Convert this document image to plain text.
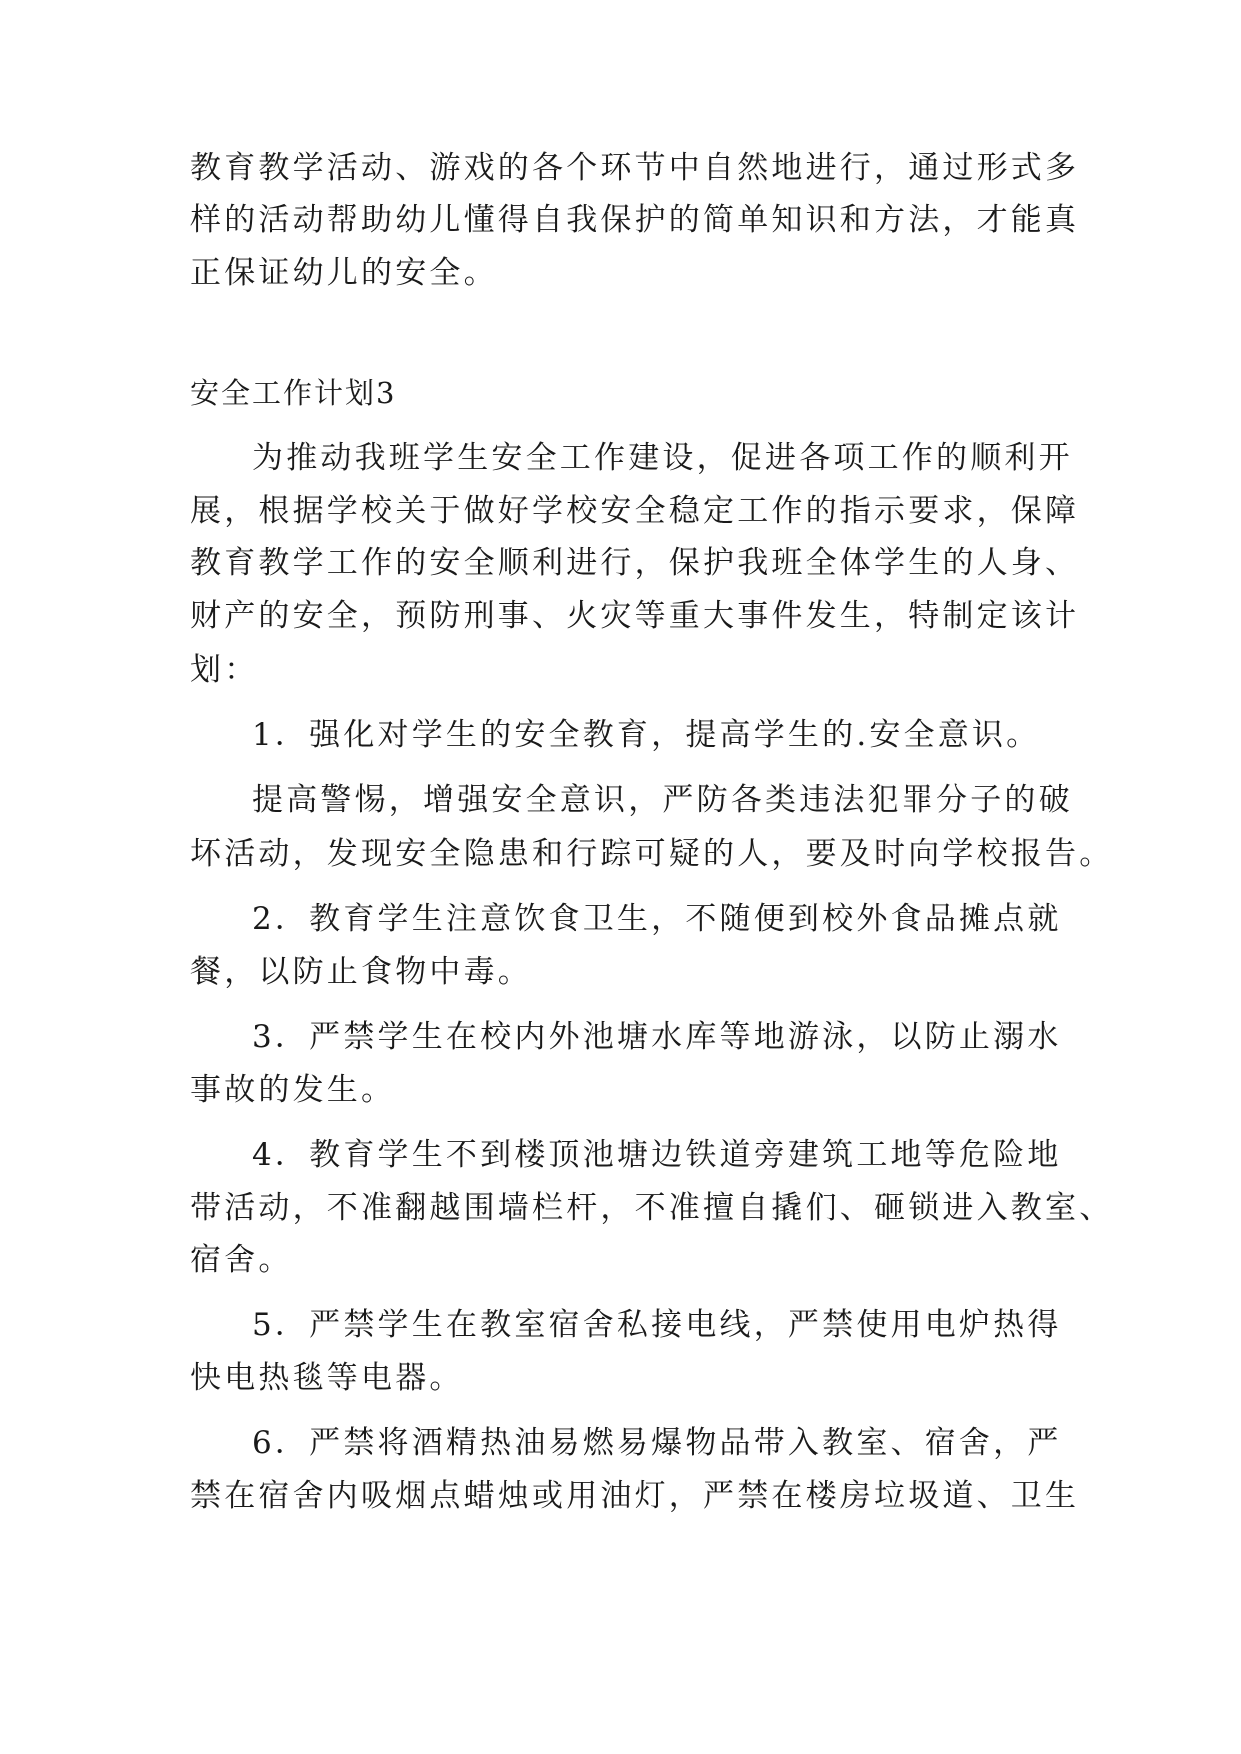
教育教学活动、游戏的各个环节中自然地进行，通过形式多
样的活动帮助幼儿懂得自我保护的简单知识和方法，才能真
正保证幼儿的安全。
安全工作计划3
为推动我班学生安全工作建设，促进各项工作的顺利开
展，根据学校关于做好学校安全稳定工作的指示要求，保障
教育教学工作的安全顺利进行，保护我班全体学生的人身、
财产的安全，预防刑事、火灾等重大事件发生，特制定该计
划：
1．强化对学生的安全教育，提高学生的.安全意识。
提高警惕，增强安全意识，严防各类违法犯罪分子的破
坏活动，发现安全隐患和行踪可疑的人，要及时向学校报告。
2．教育学生注意饮食卫生，不随便到校外食品摊点就
餐，以防止食物中毒。
3．严禁学生在校内外池塘水库等地游泳，以防止溺水
事故的发生。
4．教育学生不到楼顶池塘边铁道旁建筑工地等危险地
带活动，不准翻越围墙栏杆，不准擅自撬们、砸锁进入教室、
宿舍。
5．严禁学生在教室宿舍私接电线，严禁使用电炉热得
快电热毯等电器。
6．严禁将酒精热油易燃易爆物品带入教室、宿舍，严
禁在宿舍内吸烟点蜡烛或用油灯，严禁在楼房垃圾道、卫生
